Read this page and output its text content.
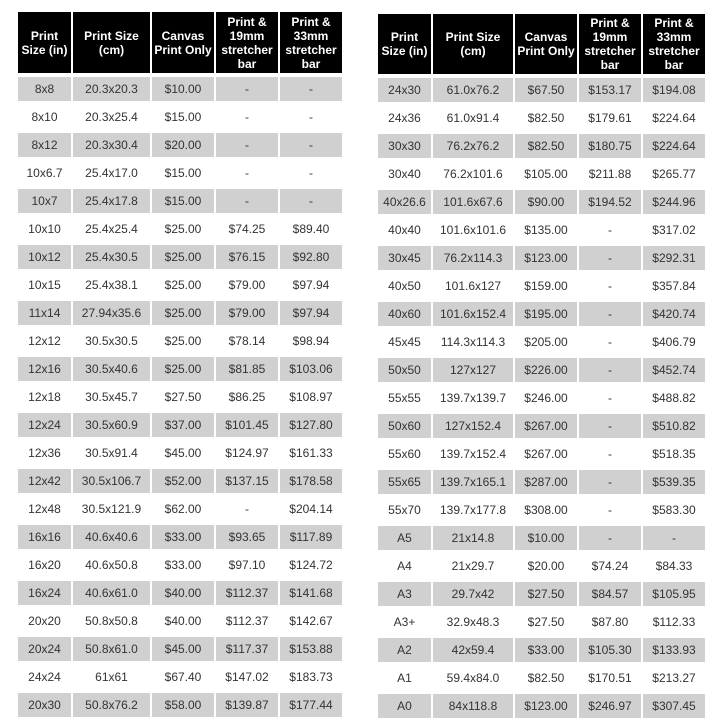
Print Size (in)	Print Size (cm)	Canvas Print Only	Print & 19mm stretcher bar	Print & 33mm stretcher bar
8x8	20.3x20.3	$10.00	-	-
8x10	20.3x25.4	$15.00	-	-
8x12	20.3x30.4	$20.00	-	-
10x6.7	25.4x17.0	$15.00	-	-
10x7	25.4x17.8	$15.00	-	-
10x10	25.4x25.4	$25.00	$74.25	$89.40
10x12	25.4x30.5	$25.00	$76.15	$92.80
10x15	25.4x38.1	$25.00	$79.00	$97.94
11x14	27.94x35.6	$25.00	$79.00	$97.94
12x12	30.5x30.5	$25.00	$78.14	$98.94
12x16	30.5x40.6	$25.00	$81.85	$103.06
12x18	30.5x45.7	$27.50	$86.25	$108.97
12x24	30.5x60.9	$37.00	$101.45	$127.80
12x36	30.5x91.4	$45.00	$124.97	$161.33
12x42	30.5x106.7	$52.00	$137.15	$178.58
12x48	30.5x121.9	$62.00	-	$204.14
16x16	40.6x40.6	$33.00	$93.65	$117.89
16x20	40.6x50.8	$33.00	$97.10	$124.72
16x24	40.6x61.0	$40.00	$112.37	$141.68
20x20	50.8x50.8	$40.00	$112.37	$142.67
20x24	50.8x61.0	$45.00	$117.37	$153.88
24x24	61x61	$67.40	$147.02	$183.73
20x30	50.8x76.2	$58.00	$139.87	$177.44
Print Size (in)	Print Size (cm)	Canvas Print Only	Print & 19mm stretcher bar	Print & 33mm stretcher bar
24x30	61.0x76.2	$67.50	$153.17	$194.08
24x36	61.0x91.4	$82.50	$179.61	$224.64
30x30	76.2x76.2	$82.50	$180.75	$224.64
30x40	76.2x101.6	$105.00	$211.88	$265.77
40x26.6	101.6x67.6	$90.00	$194.52	$244.96
40x40	101.6x101.6	$135.00	-	$317.02
30x45	76.2x114.3	$123.00	-	$292.31
40x50	101.6x127	$159.00	-	$357.84
40x60	101.6x152.4	$195.00	-	$420.74
45x45	114.3x114.3	$205.00	-	$406.79
50x50	127x127	$226.00	-	$452.74
55x55	139.7x139.7	$246.00	-	$488.82
50x60	127x152.4	$267.00	-	$510.82
55x60	139.7x152.4	$267.00	-	$518.35
55x65	139.7x165.1	$287.00	-	$539.35
55x70	139.7x177.8	$308.00	-	$583.30
A5	21x14.8	$10.00	-	-
A4	21x29.7	$20.00	$74.24	$84.33
A3	29.7x42	$27.50	$84.57	$105.95
A3+	32.9x48.3	$27.50	$87.80	$112.33
A2	42x59.4	$33.00	$105.30	$133.93
A1	59.4x84.0	$82.50	$170.51	$213.27
A0	84x118.8	$123.00	$246.97	$307.45
